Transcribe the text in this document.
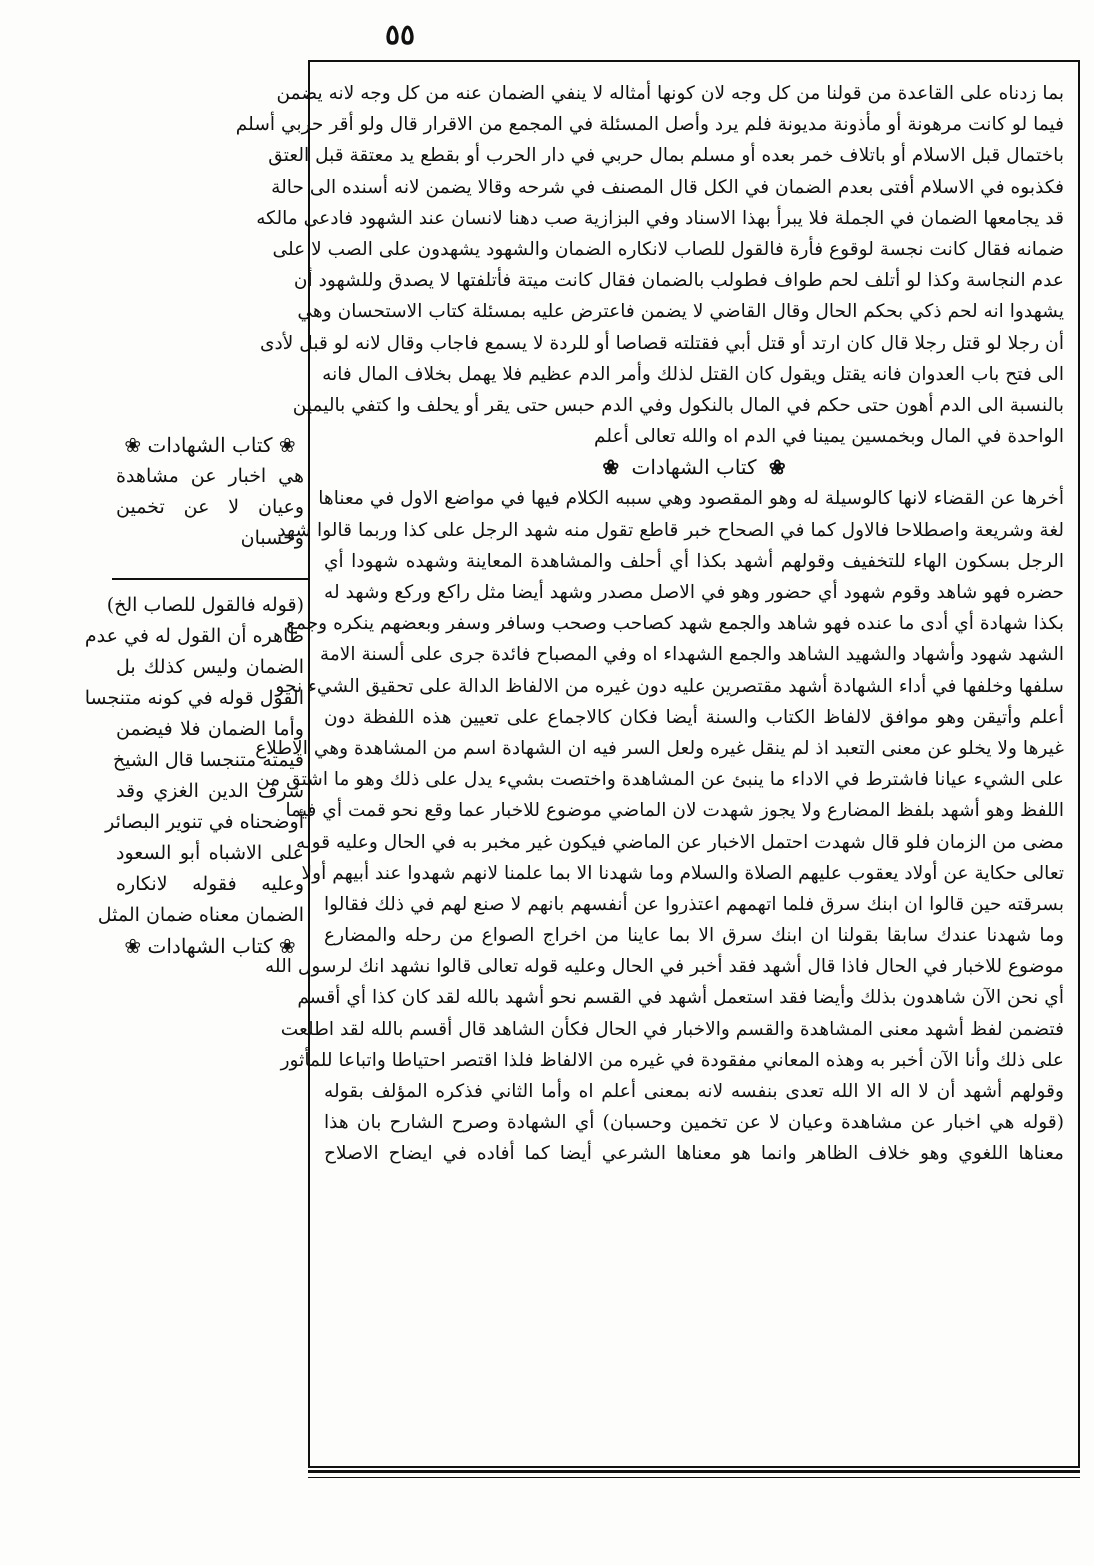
٥٥
❀ كتاب الشهادات ❀
هي اخبار عن مشاهدة
وعيان لا عن تخمين
وحسبان
(قوله فالقول للصاب الخ)
ظاهره أن القول له في عدم
الضمان وليس كذلك بل
القول قوله في كونه متنجسا
وأما الضمان فلا فيضمن
قيمته متنجسا قال الشيخ
شرف الدين الغزي وقد
أوضحناه في تنوير البصائر
على الاشباه أبو السعود
وعليه فقوله لانكاره
الضمان معناه ضمان المثل
❀ كتاب الشهادات ❀
بما زدناه على القاعدة من قولنا من كل وجه لان كونها أمثاله لا ينفي الضمان عنه من كل وجه لانه يضمن
فيما لو كانت مرهونة أو مأذونة مديونة فلم يرد وأصل المسئلة في المجمع من الاقرار قال ولو أقر حربي أسلم
باختمال قبل الاسلام أو باتلاف خمر بعده أو مسلم بمال حربي في دار الحرب أو بقطع يد معتقة قبل العتق
فكذبوه في الاسلام أفتى بعدم الضمان في الكل قال المصنف في شرحه وقالا يضمن لانه أسنده الى حالة
قد يجامعها الضمان في الجملة فلا يبرأ بهذا الاسناد وفي البزازية صب دهنا لانسان عند الشهود فادعى مالكه
ضمانه فقال كانت نجسة لوقوع فأرة فالقول للصاب لانكاره الضمان والشهود يشهدون على الصب لا على
عدم النجاسة وكذا لو أتلف لحم طواف فطولب بالضمان فقال كانت ميتة فأتلفتها لا يصدق وللشهود أن
يشهدوا انه لحم ذكي بحكم الحال وقال القاضي لا يضمن فاعترض عليه بمسئلة كتاب الاستحسان وهي
أن رجلا لو قتل رجلا قال كان ارتد أو قتل أبي فقتلته قصاصا أو للردة لا يسمع فاجاب وقال لانه لو قبل لأدى
الى فتح باب العدوان فانه يقتل ويقول كان القتل لذلك وأمر الدم عظيم فلا يهمل بخلاف المال فانه
بالنسبة الى الدم أهون حتى حكم في المال بالنكول وفي الدم حبس حتى يقر أو يحلف وا كتفي باليمين
الواحدة في المال وبخمسين يمينا في الدم اه والله تعالى أعلم
❀ كتاب الشهادات ❀
أخرها عن القضاء لانها كالوسيلة له وهو المقصود وهي سببه الكلام فيها في مواضع الاول في معناها
لغة وشريعة واصطلاحا فالاول كما في الصحاح خبر قاطع تقول منه شهد الرجل على كذا وربما قالوا شهد
الرجل بسكون الهاء للتخفيف وقولهم أشهد بكذا أي أحلف والمشاهدة المعاينة وشهده شهودا أي
حضره فهو شاهد وقوم شهود أي حضور وهو في الاصل مصدر وشهد أيضا مثل راكع وركع وشهد له
بكذا شهادة أي أدى ما عنده فهو شاهد والجمع شهد كصاحب وصحب وسافر وسفر وبعضهم ينكره وجمع
الشهد شهود وأشهاد والشهيد الشاهد والجمع الشهداء اه وفي المصباح فائدة جرى على ألسنة الامة
سلفها وخلفها في أداء الشهادة أشهد مقتصرين عليه دون غيره من الالفاظ الدالة على تحقيق الشيء نحو
أعلم وأتيقن وهو موافق لالفاظ الكتاب والسنة أيضا فكان كالاجماع على تعيين هذه اللفظة دون
غيرها ولا يخلو عن معنى التعبد اذ لم ينقل غيره ولعل السر فيه ان الشهادة اسم من المشاهدة وهي الاطلاع
على الشيء عيانا فاشترط في الاداء ما ينبئ عن المشاهدة واختصت بشيء يدل على ذلك وهو ما اشتق من
اللفظ وهو أشهد بلفظ المضارع ولا يجوز شهدت لان الماضي موضوع للاخبار عما وقع نحو قمت أي فيما
مضى من الزمان فلو قال شهدت احتمل الاخبار عن الماضي فيكون غير مخبر به في الحال وعليه قوله
تعالى حكاية عن أولاد يعقوب عليهم الصلاة والسلام وما شهدنا الا بما علمنا لانهم شهدوا عند أبيهم أولا
بسرقته حين قالوا ان ابنك سرق فلما اتهمهم اعتذروا عن أنفسهم بانهم لا صنع لهم في ذلك فقالوا
وما شهدنا عندك سابقا بقولنا ان ابنك سرق الا بما عاينا من اخراج الصواع من رحله والمضارع
موضوع للاخبار في الحال فاذا قال أشهد فقد أخبر في الحال وعليه قوله تعالى قالوا نشهد انك لرسول الله
أي نحن الآن شاهدون بذلك وأيضا فقد استعمل أشهد في القسم نحو أشهد بالله لقد كان كذا أي أقسم
فتضمن لفظ أشهد معنى المشاهدة والقسم والاخبار في الحال فكأن الشاهد قال أقسم بالله لقد اطلعت
على ذلك وأنا الآن أخبر به وهذه المعاني مفقودة في غيره من الالفاظ فلذا اقتصر احتياطا واتباعا للمأثور
وقولهم أشهد أن لا اله الا الله تعدى بنفسه لانه بمعنى أعلم اه وأما الثاني فذكره المؤلف بقوله
(قوله هي اخبار عن مشاهدة وعيان لا عن تخمين وحسبان) أي الشهادة وصرح الشارح بان هذا
معناها اللغوي وهو خلاف الظاهر وانما هو معناها الشرعي أيضا كما أفاده في ايضاح الاصلاح
